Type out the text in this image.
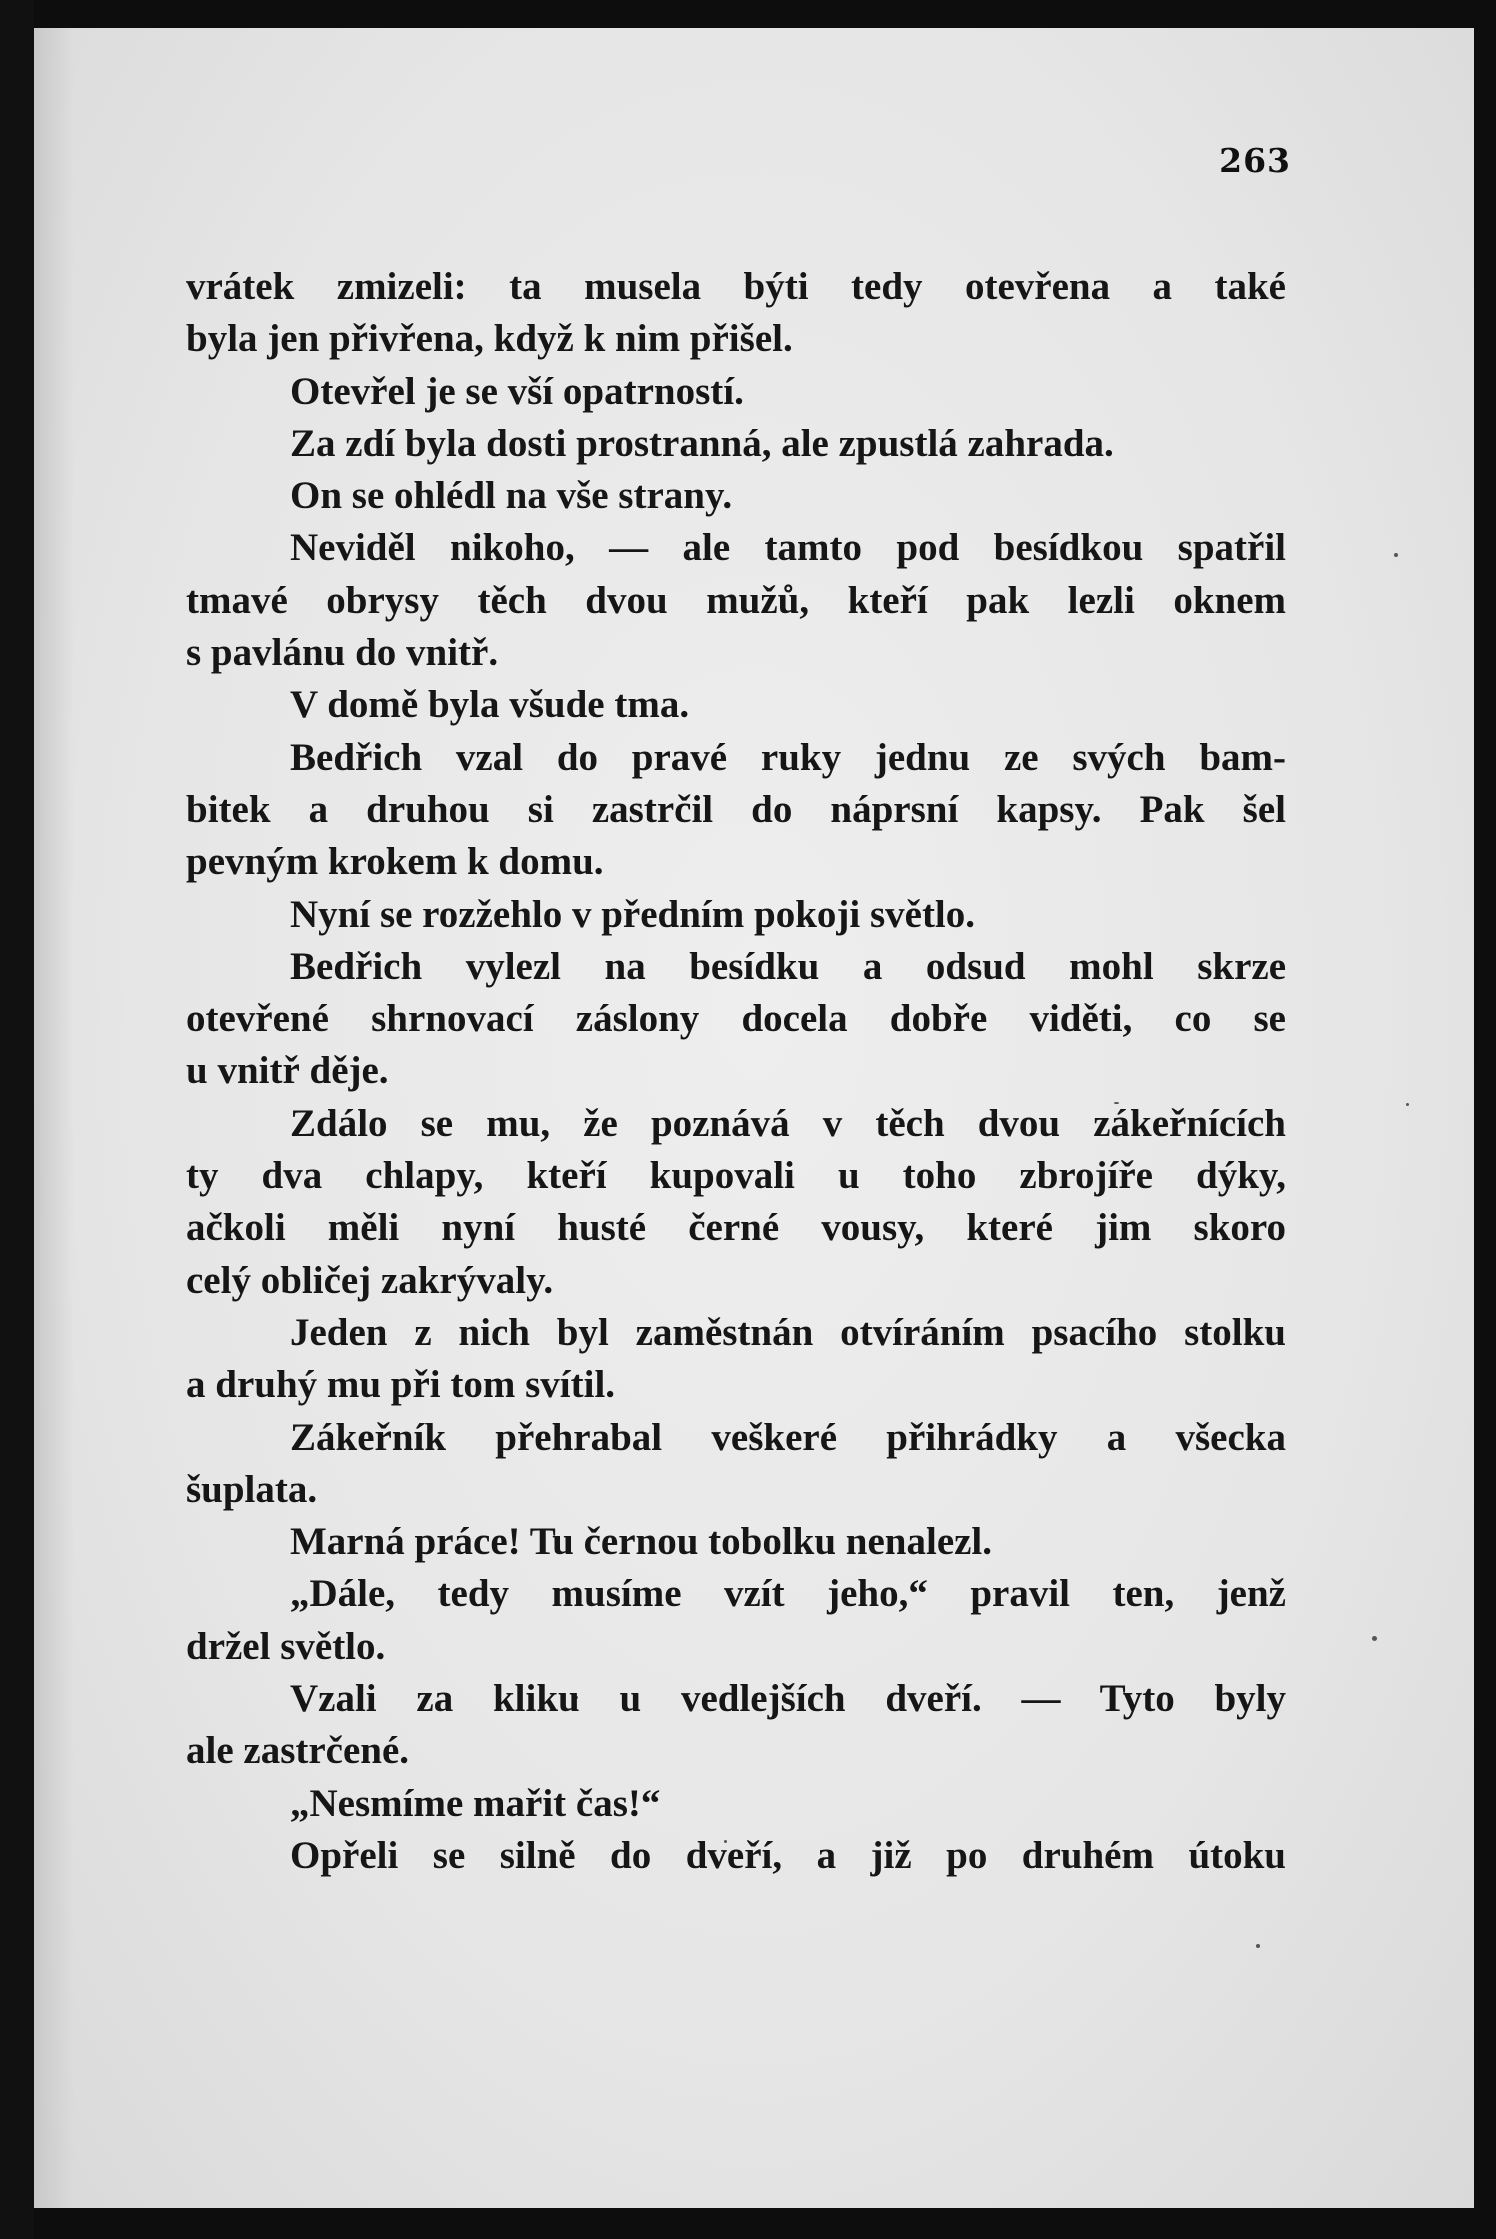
263
vrátek zmizeli: ta musela býti tedy otevřena a také
byla jen přivřena, když k nim přišel.
Otevřel je se vší opatrností.
Za zdí byla dosti prostranná, ale zpustlá zahrada.
On se ohlédl na vše strany.
Neviděl nikoho, — ale tamto pod besídkou spatřil
tmavé obrysy těch dvou mužů, kteří pak lezli oknem
s pavlánu do vnitř.
V domě byla všude tma.
Bedřich vzal do pravé ruky jednu ze svých bam-
bitek a druhou si zastrčil do náprsní kapsy. Pak šel
pevným krokem k domu.
Nyní se rozžehlo v předním pokoji světlo.
Bedřich vylezl na besídku a odsud mohl skrze
otevřené shrnovací záslony docela dobře viděti, co se
u vnitř děje.
Zdálo se mu, že poznává v těch dvou zákeřnících
ty dva chlapy, kteří kupovali u toho zbrojíře dýky,
ačkoli měli nyní husté černé vousy, které jim skoro
celý obličej zakrývaly.
Jeden z nich byl zaměstnán otvíráním psacího stolku
a druhý mu při tom svítil.
Zákeřník přehrabal veškeré přihrádky a všecka
šuplata.
Marná práce! Tu černou tobolku nenalezl.
„Dále, tedy musíme vzít jeho,“ pravil ten, jenž
držel světlo.
Vzali za kliku u vedlejších dveří. — Tyto byly
ale zastrčené.
„Nesmíme mařit čas!“
Opřeli se silně do dveří, a již po druhém útoku
